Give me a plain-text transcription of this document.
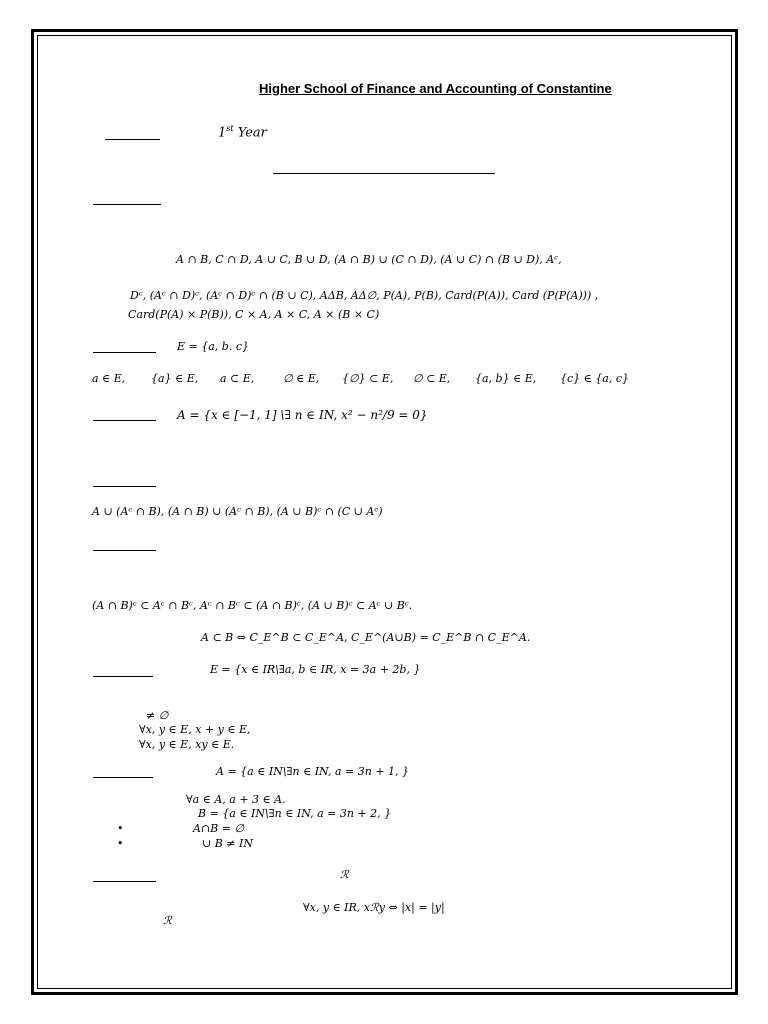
Higher School of Finance and Accounting of Constantine
1st Year
A ∩ B, C ∩ D, A ∪ C, B ∪ D, (A ∩ B) ∪ (C ∩ D), (A ∪ C) ∩ (B ∪ D), Aᶜ,
Dᶜ, (Aᶜ ∩ D)ᶜ, (Aᶜ ∩ D)ᶜ ∩ (B ∪ C), AΔB, AΔ∅, P(A), P(B), Card(P(A)), Card (P(P(A))) ,
Card(P(A) × P(B)), C × A, A × C, A × (B × C)
E = {a, b. c}
a ∈ E, {a} ∈ E, a ⊂ E,	∅ ∈ E, {∅} ⊂ E, ∅ ⊂ E, {a, b} ∈ E, {c} ∈ {a, c}
A = {x ∈ [−1, 1] \∃ n ∈ IN, x² − n²/9 = 0}
A ∪ (Aᶜ ∩ B), (A ∩ B) ∪ (Aᶜ ∩ B), (A ∪ B)ᶜ ∩ (C ∪ Aᶜ)
(A ∩ B)ᶜ ⊂ Aᶜ ∩ Bᶜ, Aᶜ ∩ Bᶜ ⊂ (A ∩ B)ᶜ, (A ∪ B)ᶜ ⊂ Aᶜ ∪ Bᶜ.
A ⊂ B ⇔ C_E^B ⊂ C_E^A, C_E^(A∪B) = C_E^B ∩ C_E^A.
E = {x ∈ IR\∃a, b ∈ IR, x = 3a + 2b, }
≠ ∅
∀x, y ∈ E, x + y ∈ E,
∀x, y ∈ E, xy ∈ E.
A = {a ∈ IN\∃n ∈ IN, a = 3n + 1, }
∀a ∈ A, a + 3 ∈ A.
B = {a ∈ IN\∃n ∈ IN, a = 3n + 2, }
•	A∩B = ∅
•	∪ B ≠ IN
ℛ
∀x, y ∈ IR, xℛy ⇔ |x| = |y|
ℛ
